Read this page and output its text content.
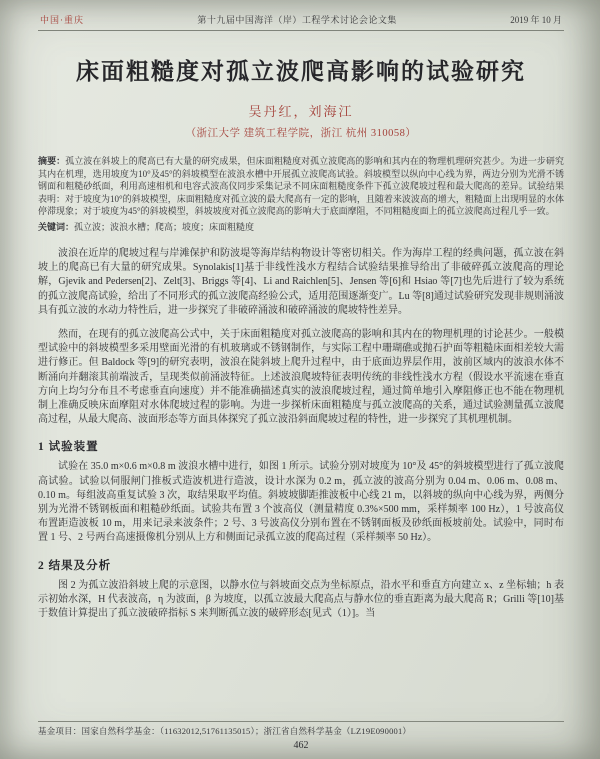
中国·重庆	第十九届中国海洋（岸）工程学术讨论会论文集	2019 年 10 月
床面粗糙度对孤立波爬高影响的试验研究
吴丹红，刘海江
（浙江大学 建筑工程学院，浙江 杭州 310058）
摘要：孤立波在斜坡上的爬高已有大量的研究成果，但床面粗糙度对孤立波爬高的影响和其内在的物理机理研究甚少。为进一步研究其内在机理，选用坡度为10°及45°的斜坡模型在波浪水槽中开展孤立波爬高试验。斜坡模型以纵向中心线为界，两边分别为光滑不锈钢面和粗糙砂纸面，利用高速相机和电容式波高仪同步采集记录不同床面粗糙度条件下孤立波爬坡过程和最大爬高的差异。试验结果表明：对于坡度为10°的斜坡模型，床面粗糙度对孤立波的最大爬高有一定的影响，且随着来波波高的增大，粗糙面上出现明显的水体停滞现象；对于坡度为45°的斜坡模型，斜坡坡度对孤立波爬高的影响大于底面摩阻，不同粗糙度面上的孤立波爬高过程几乎一致。
关键词：孤立波；波浪水槽；爬高；坡度；床面粗糙度

波浪在近岸的爬坡过程与岸滩保护和防波堤等海岸结构物设计等密切相关。作为海岸工程的经典问题，孤立波在斜坡上的爬高已有大量的研究成果。Synolakis[1]基于非线性浅水方程结合试验结果推导给出了非破碎孤立波爬高的理论解，Gjevik and Pedersen[2]、Zelt[3]、Briggs 等[4]、Li and Raichlen[5]、Jensen 等[6]和 Hsiao 等[7]也先后进行了较为系统的孤立波爬高试验，给出了不同形式的孤立波爬高经验公式，适用范围逐渐变广。Lu 等[8]通过试验研究发现非规则涌波具有孤立波的水动力特性后，进一步探究了非破碎涌波和破碎涌波的爬坡特性差异。

然而，在现有的孤立波爬高公式中，关于床面粗糙度对孤立波爬高的影响和其内在的物理机理的讨论甚少。一般模型试验中的斜坡模型多采用壁面光滑的有机玻璃或不锈钢制作，与实际工程中珊瑚礁或抛石护面等粗糙床面相差较大需进行修正。但 Baldock 等[9]的研究表明，波浪在陡斜坡上爬升过程中，由于底面边界层作用，波前区域内的波浪水体不断涌向并翻滚其前端波舌，呈现类似前涌波特征。上述波浪爬坡特征表明传统的非线性浅水方程（假设水平流速在垂直方向上均匀分布且不考虑垂直向速度）并不能准确描述真实的波浪爬坡过程，通过简单地引入摩阻修正也不能在物理机制上准确反映床面摩阻对水体爬坡过程的影响。为进一步探析床面粗糙度与孤立波爬高的关系，通过试验测量孤立波爬高过程，从最大爬高、波面形态等方面具体探究了孤立波沿斜面爬坡过程的特性，进一步探究了其机理机制。

1 试验装置

试验在 35.0 m×0.6 m×0.8 m 波浪水槽中进行，如图 1 所示。试验分别对坡度为 10°及 45°的斜坡模型进行了孤立波爬高试验。试验以伺服闸门推板式造波机进行造波，设计水深为 0.2 m，孤立波的波高分别为 0.04 m、0.06 m、0.08 m、0.10 m。每组波高重复试验 3 次，取结果取平均值。斜坡坡脚距推波板中心线 21 m，以斜坡的纵向中心线为界，两侧分别为光滑不锈钢板面和粗糙砂纸面。试验共布置 3 个波高仪（测量精度 0.3%×500 mm，采样频率 100 Hz），1 号波高仪布置距造波板 10 m，用来记录来波条件；2 号、3 号波高仪分别布置在不锈钢面板及砂纸面板坡前处。试验中，同时布置 1 号、2 号两台高速摄像机分别从上方和侧面记录孤立波的爬高过程（采样频率 50 Hz）。

2 结果及分析

图 2 为孤立波沿斜坡上爬的示意图，以静水位与斜坡面交点为坐标原点，沿水平和垂直方向建立 x、z 坐标轴；h 表示初始水深，H 代表波高，η 为波面，β 为坡度，以孤立波最大爬高点与静水位的垂直距离为最大爬高 R；Grilli 等[10]基于数值计算提出了孤立波破碎指标 S 来判断孤立波的破碎形态[见式（1）]。当

基金项目：国家自然科学基金：（11632012,51761135015）；浙江省自然科学基金（LZ19E090001）
462
